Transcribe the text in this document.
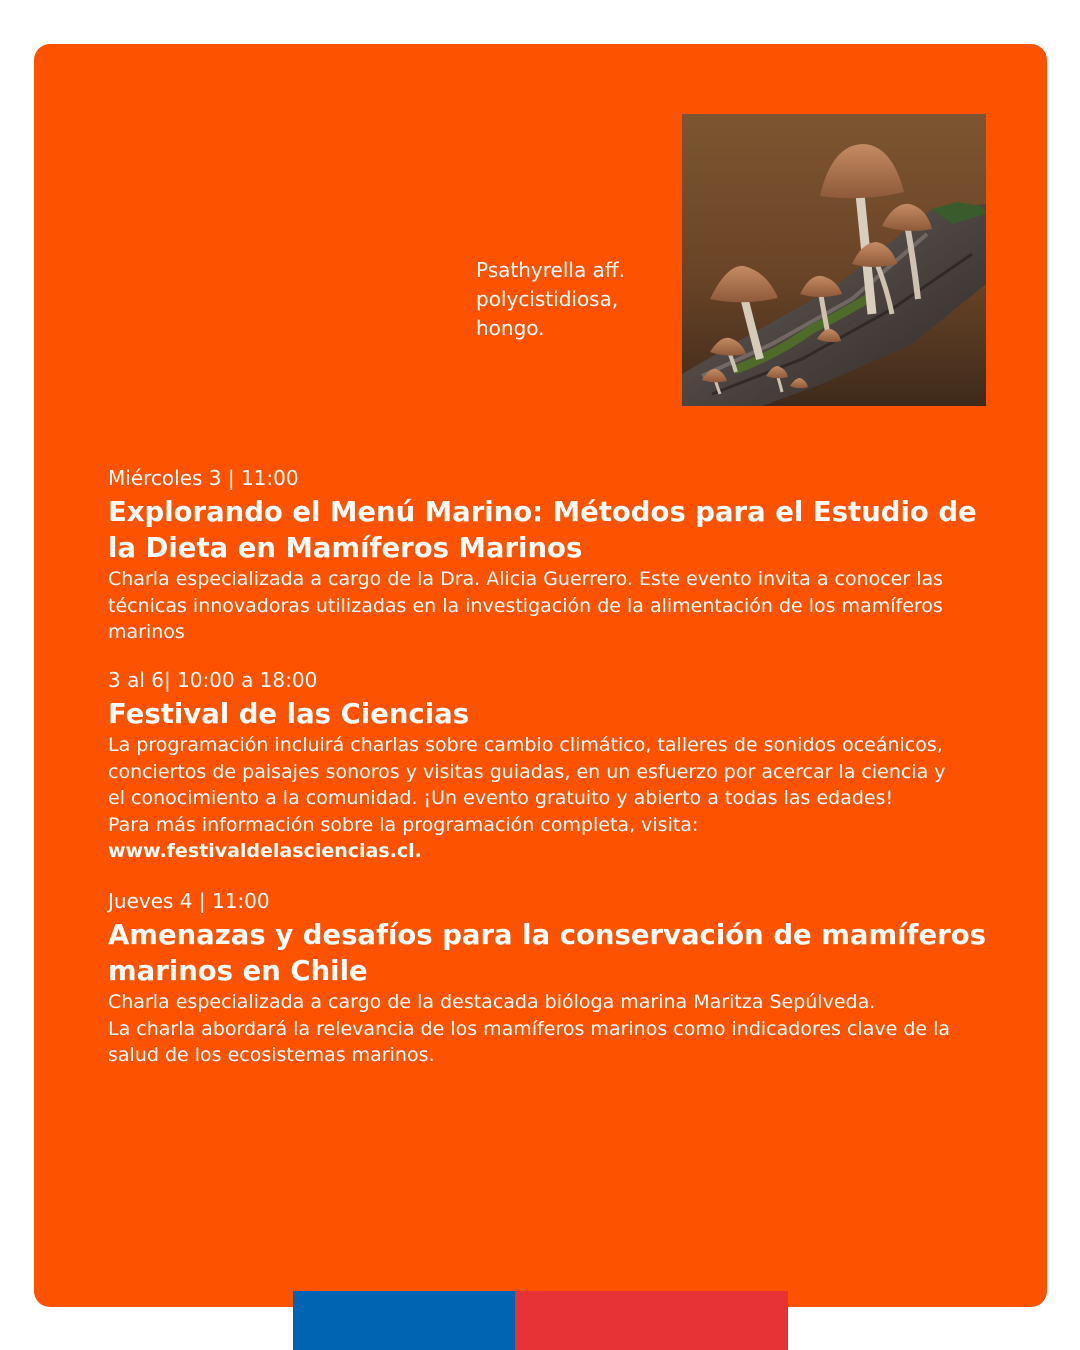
Psathyrella aff.
polycistidiosa,
hongo.
Miércoles 3 | 11:00
Explorando el Menú Marino: Métodos para el Estudio de
la Dieta en Mamíferos Marinos
Charla especializada a cargo de la Dra. Alicia Guerrero. Este evento invita a conocer las
técnicas innovadoras utilizadas en la investigación de la alimentación de los mamíferos
marinos
3 al 6| 10:00 a 18:00
Festival de las Ciencias
La programación incluirá charlas sobre cambio climático, talleres de sonidos oceánicos,
conciertos de paisajes sonoros y visitas guiadas, en un esfuerzo por acercar la ciencia y
el conocimiento a la comunidad. ¡Un evento gratuito y abierto a todas las edades!
Para más información sobre la programación completa, visita:
www.festivaldelasciencias.cl.
Jueves 4 | 11:00
Amenazas y desafíos para la conservación de mamíferos
marinos en Chile
Charla especializada a cargo de la destacada bióloga marina Maritza Sepúlveda.
La charla abordará la relevancia de los mamíferos marinos como indicadores clave de la
salud de los ecosistemas marinos.
